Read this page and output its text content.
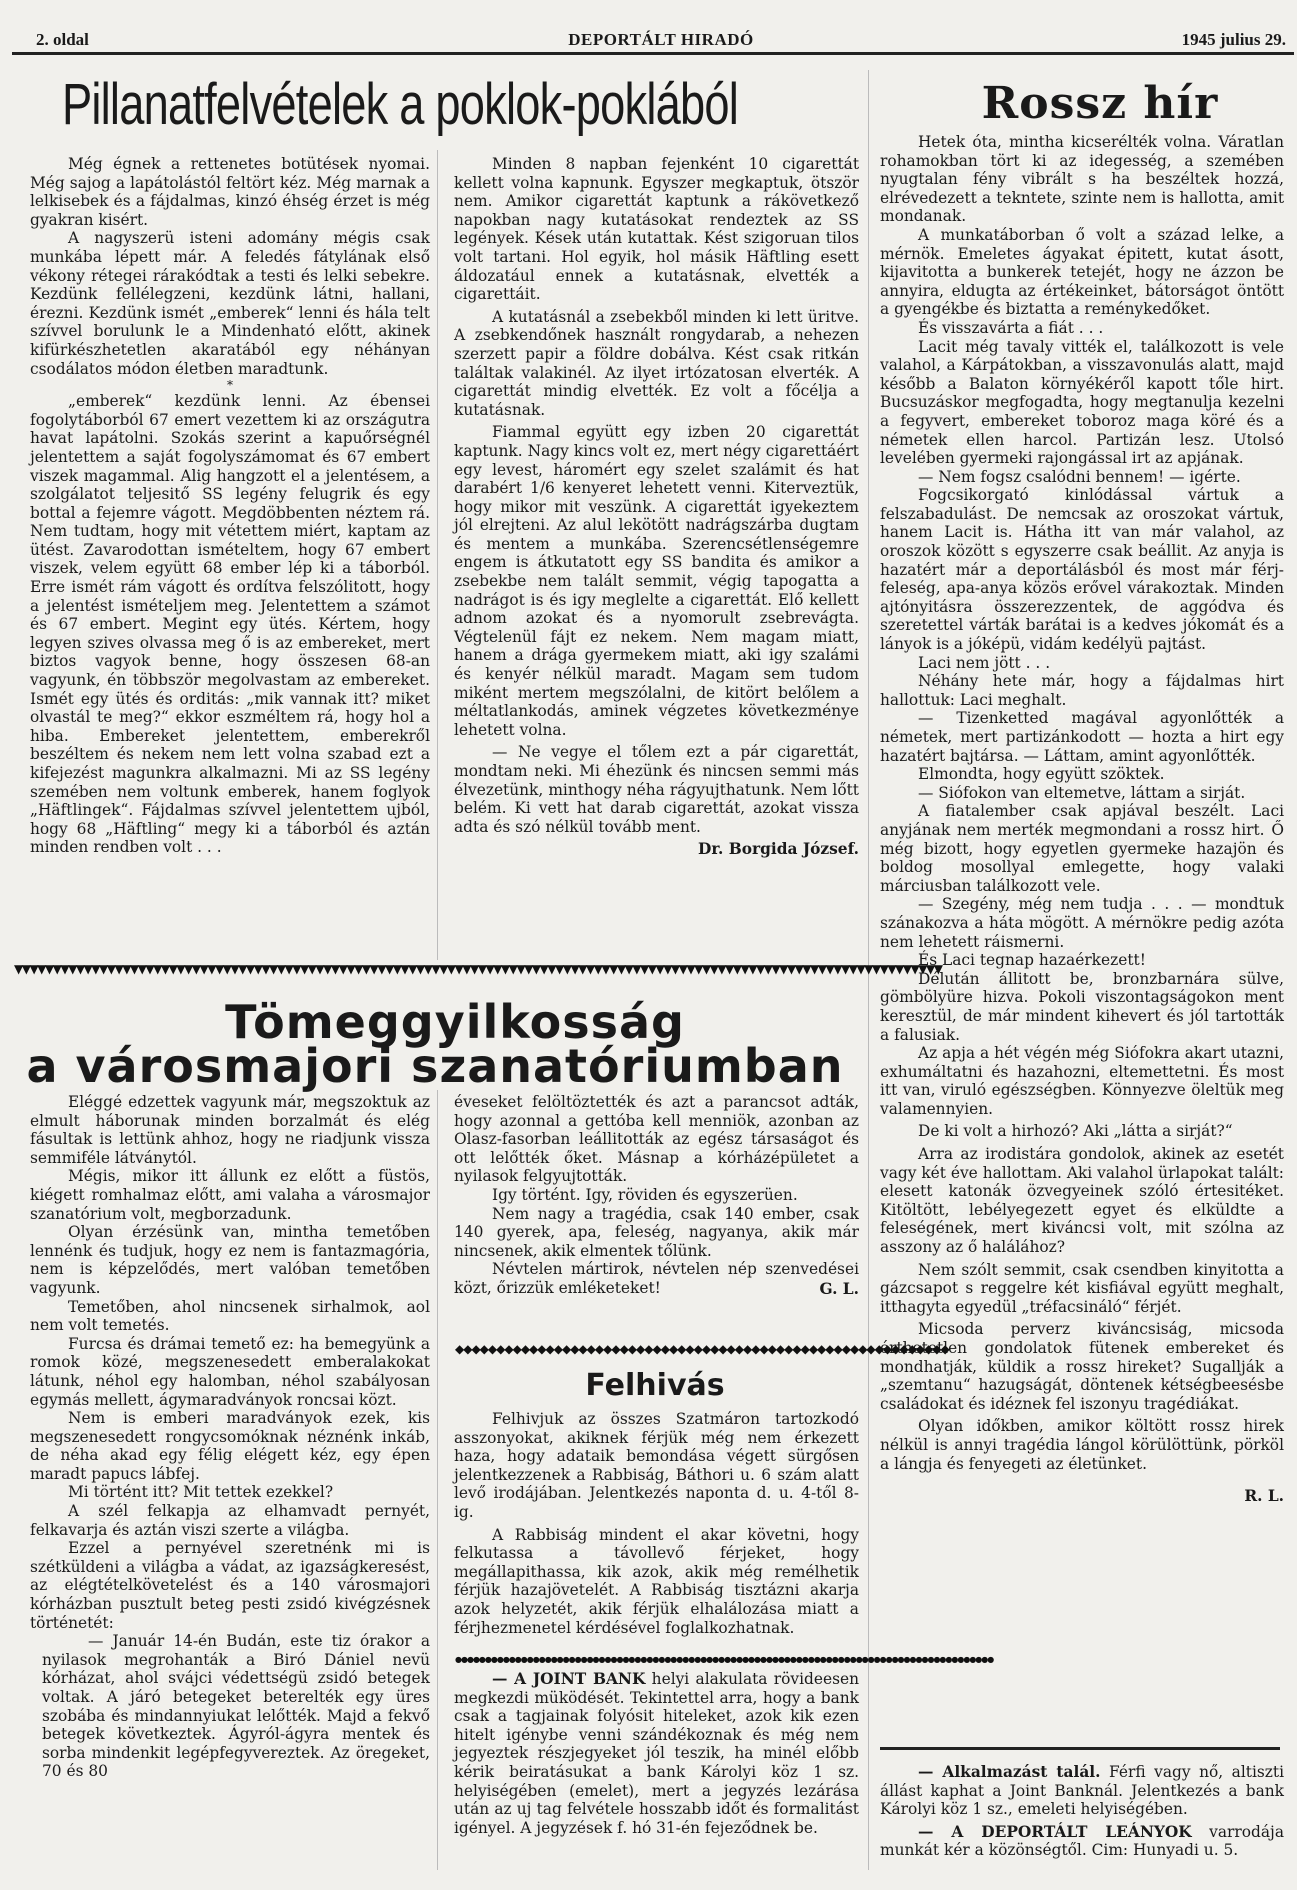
2. oldal	DEPORTÁLT HIRADÓ	1945 julius 29.
Pillanatfelvételek a poklok-poklából

Még égnek a rettenetes botütések nyomai. Még sajog a lapátolástól feltört kéz. Még marnak a lelkisebek és a fájdalmas, kinzó éhség érzet is még gyakran kisért.

A nagyszerü isteni adomány mégis csak munkába lépett már. A feledés fátylának első vékony rétegei rárakódtak a testi és lelki sebekre. Kezdünk fellélegzeni, kezdünk látni, hallani, érezni. Kezdünk ismét „emberek“ lenni és hála telt szívvel borulunk le a Mindenható előtt, akinek kifürkészhetetlen akaratából egy néhányan csodálatos módon életben maradtunk.

*

„emberek“ kezdünk lenni. Az ébensei fogolytáborból 67 emert vezettem ki az országutra havat lapátolni. Szokás szerint a kapuőrségnél jelentettem a saját fogolyszámomat és 67 embert viszek magammal. Alig hangzott el a jelentésem, a szolgálatot teljesitő SS legény felugrik és egy bottal a fejemre vágott. Megdöbbenten néztem rá. Nem tudtam, hogy mit vétettem miért, kaptam az ütést. Zavarodottan ismételtem, hogy 67 embert viszek, velem együtt 68 ember lép ki a táborból. Erre ismét rám vágott és ordítva felszólitott, hogy a jelentést ismételjem meg. Jelentettem a számot és 67 embert. Megint egy ütés. Kértem, hogy legyen szives olvassa meg ő is az embereket, mert biztos vagyok benne, hogy összesen 68-an vagyunk, én többször megolvastam az embereket. Ismét egy ütés és orditás: „mik vannak itt? miket olvastál te meg?“ ekkor eszméltem rá, hogy hol a hiba. Embereket jelentettem, emberekről beszéltem és nekem nem lett volna szabad ezt a kifejezést magunkra alkalmazni. Mi az SS legény szemében nem voltunk emberek, hanem foglyok „Häftlingek“. Fájdalmas szívvel jelentettem ujból, hogy 68 „Häftling“ megy ki a táborból és aztán minden rendben volt . . .

Minden 8 napban fejenként 10 cigarettát kellett volna kapnunk. Egyszer megkaptuk, ötször nem. Amikor cigarettát kaptunk a rákövetkező napokban nagy kutatásokat rendeztek az SS legények. Kések után kutattak. Kést szigoruan tilos volt tartani. Hol egyik, hol másik Häftling esett áldozatául ennek a kutatásnak, elvették a cigarettáit.

A kutatásnál a zsebekből minden ki lett üritve. A zsebkendőnek használt rongydarab, a nehezen szerzett papir a földre dobálva. Kést csak ritkán találtak valakinél. Az ilyet irtózatosan elverték. A cigarettát mindig elvették. Ez volt a főcélja a kutatásnak.

Fiammal együtt egy izben 20 cigarettát kaptunk. Nagy kincs volt ez, mert négy cigarettáért egy levest, háromért egy szelet szalámit és hat darabért 1/6 kenyeret lehetett venni. Kiterveztük, hogy mikor mit veszünk. A cigarettát igyekeztem jól elrejteni. Az alul lekötött nadrágszárba dugtam és mentem a munkába. Szerencsétlenségemre engem is átkutatott egy SS bandita és amikor a zsebekbe nem talált semmit, végig tapogatta a nadrágot is és igy meglelte a cigarettát. Elő kellett adnom azokat és a nyomorult zsebrevágta. Végtelenül fájt ez nekem. Nem magam miatt, hanem a drága gyermekem miatt, aki igy szalámi és kenyér nélkül maradt. Magam sem tudom miként mertem megszólalni, de kitört belőlem a méltatlankodás, aminek végzetes következménye lehetett volna.

— Ne vegye el tőlem ezt a pár cigarettát, mondtam neki. Mi éhezünk és nincsen semmi más élvezetünk, minthogy néha rágyujthatunk. Nem lőtt belém. Ki vett hat darab cigarettát, azokat vissza adta és szó nélkül tovább ment.

Dr. Borgida József.

Rossz hír

Hetek óta, mintha kicserélték volna. Váratlan rohamokban tört ki az idegesség, a szemében nyugtalan fény vibrált s ha beszéltek hozzá, elrévedezett a tekntete, szinte nem is hallotta, amit mondanak.

A munkatáborban ő volt a század lelke, a mérnök. Emeletes ágyakat épitett, kutat ásott, kijavitotta a bunkerek tetejét, hogy ne ázzon be annyira, eldugta az értékeinket, bátorságot öntött a gyengékbe és biztatta a reménykedőket.

És visszavárta a fiát . . .

Lacit még tavaly vitték el, találkozott is vele valahol, a Kárpátokban, a visszavonulás alatt, majd később a Balaton környékéről kapott tőle hirt. Bucsuzáskor megfogadta, hogy megtanulja kezelni a fegyvert, embereket toboroz maga köré és a németek ellen harcol. Partizán lesz. Utolsó levelében gyermeki rajongással irt az apjának.

— Nem fogsz csalódni bennem! — igérte.

Fogcsikorgató kinlódással vártuk a felszabadulást. De nemcsak az oroszokat vártuk, hanem Lacit is. Hátha itt van már valahol, az oroszok között s egyszerre csak beállit. Az anyja is hazatért már a deportálásból és most már férj-feleség, apa-anya közös erővel várakoztak. Minden ajtónyitásra összerezzentek, de aggódva és szeretettel várták barátai is a kedves jókomát és a lányok is a jóképü, vidám kedélyü pajtást.

Laci nem jött . . .

Néhány hete már, hogy a fájdalmas hirt hallottuk: Laci meghalt.

— Tizenketted magával agyonlőtték a németek, mert partizánkodott — hozta a hirt egy hazatért bajtársa. — Láttam, amint agyonlőtték.

Elmondta, hogy együtt szöktek.

— Siófokon van eltemetve, láttam a sirját.

A fiatalember csak apjával beszélt. Laci anyjának nem merték megmondani a rossz hirt. Ő még bizott, hogy egyetlen gyermeke hazajön és boldog mosollyal emlegette, hogy valaki márciusban találkozott vele.

— Szegény, még nem tudja . . . — mondtuk szánakozva a háta mögött. A mérnökre pedig azóta nem lehetett ráismerni.

És Laci tegnap hazaérkezett!

Délután állitott be, bronzbarnára sülve, gömbölyüre hizva. Pokoli viszontagságokon ment keresztül, de már mindent kihevert és jól tartották a falusiak.

Az apja a hét végén még Siófokra akart utazni, exhumáltatni és hazahozni, eltemettetni. És most itt van, viruló egészségben. Könnyezve öleltük meg valamennyien.

De ki volt a hirhozó? Aki „látta a sirját?“

Arra az irodistára gondolok, akinek az esetét vagy két éve hallottam. Aki valahol ürlapokat talált: elesett katonák özvegyeinek szóló értesitéket. Kitöltött, lebélyegezett egyet és elküldte a feleségének, mert kiváncsi volt, mit szólna az asszony az ő halálához?

Nem szólt semmit, csak csendben kinyitotta a gázcsapot s reggelre két kisfiával együtt meghalt, itthagyta egyedül „tréfacsináló“ férjét.

Micsoda perverz kiváncsiság, micsoda érthetetlen gondolatok fütenek embereket és mondhatják, küldik a rossz hireket? Sugallják a „szemtanu“ hazugságát, döntenek kétségbeesésbe családokat és idéznek fel iszonyu tragédiákat.

Olyan időkben, amikor költött rossz hirek nélkül is annyi tragédia lángol körülöttünk, pörköl a lángja és fenyegeti az életünket.

R. L.

▼▼▼▼▼▼▼▼▼▼▼▼▼▼▼▼▼▼▼▼▼▼▼▼▼▼▼▼▼▼▼▼▼▼▼▼▼▼▼▼▼▼▼▼▼▼▼▼▼▼▼▼▼▼▼▼▼▼▼▼▼▼▼▼▼▼▼▼▼▼▼▼▼▼▼▼▼▼▼▼▼▼▼▼▼▼▼▼▼▼▼▼▼▼▼▼▼▼▼▼▼▼▼▼▼▼▼▼▼▼▼▼▼▼▼▼▼▼▼▼
Tömeggyilkosság
a városmajori szanatóriumban

Eléggé edzettek vagyunk már, megszoktuk az elmult háborunak minden borzalmát és elég fásultak is lettünk ahhoz, hogy ne riadjunk vissza semmiféle látványtól.

Mégis, mikor itt állunk ez előtt a füstös, kiégett romhalmaz előtt, ami valaha a városmajor szanatórium volt, megborzadunk.

Olyan érzésünk van, mintha temetőben lennénk és tudjuk, hogy ez nem is fantazmagória, nem is képzelődés, mert valóban temetőben vagyunk.

Temetőben, ahol nincsenek sirhalmok, aol nem volt temetés.

Furcsa és drámai temető ez: ha bemegyünk a romok közé, megszenesedett emberalakokat látunk, néhol egy halomban, néhol szabályosan egymás mellett, ágymaradványok roncsai közt.

Nem is emberi maradványok ezek, kis megszenesedett rongycsomóknak néznénk inkáb, de néha akad egy félig elégett kéz, egy épen maradt papucs lábfej.

Mi történt itt? Mit tettek ezekkel?

A szél felkapja az elhamvadt pernyét, felkavarja és aztán viszi szerte a világba.

Ezzel a pernyével szeretnénk mi is szétküldeni a világba a vádat, az igazságkeresést, az elégtételkövetelést és a 140 városmajori kórházban pusztult beteg pesti zsidó kivégzésnek történetét:

— Január 14-én Budán, este tiz órakor a nyilasok megrohanták a Biró Dániel nevü kórházat, ahol svájci védettségü zsidó betegek voltak. A járó betegeket beterelték egy üres szobába és mindannyiukat lelőtték. Majd a fekvő betegek következtek. Ágyról-ágyra mentek és sorba mindenkit legépfegyvereztek. Az öregeket, 70 és 80

éveseket felöltöztették és azt a parancsot adták, hogy azonnal a gettóba kell menniök, azonban az Olasz-fasorban leállitották az egész társaságot és ott lelőtték őket. Másnap a kórházépületet a nyilasok felgyujtották.

Igy történt. Igy, röviden és egyszerüen.

Nem nagy a tragédia, csak 140 ember, csak 140 gyerek, apa, feleség, nagyanya, akik már nincsenek, akik elmentek tőlünk.

Névtelen mártirok, névtelen nép szenvedései közt, őrizzük emléketeket!	G. L.

◆◆◆◆◆◆◆◆◆◆◆◆◆◆◆◆◆◆◆◆◆◆◆◆◆◆◆◆◆◆◆◆◆◆◆◆◆◆◆◆◆◆◆◆◆◆◆◆◆◆◆◆◆◆◆◆◆◆◆◆
Felhivás

Felhivjuk az összes Szatmáron tartozkodó asszonyokat, akiknek férjük még nem érkezett haza, hogy adataik bemondása végett sürgősen jelentkezzenek a Rabbiság, Báthori u. 6 szám alatt levő irodájában. Jelentkezés naponta d. u. 4-től 8-ig.

A Rabbiság mindent el akar követni, hogy felkutassa a távollevő férjeket, hogy megállapithassa, kik azok, akik még remélhetik férjük hazajövetelét. A Rabbiság tisztázni akarja azok helyzetét, akik férjük elhalálozása miatt a férjhezmenetel kérdésével foglalkozhatnak.

●●●●●●●●●●●●●●●●●●●●●●●●●●●●●●●●●●●●●●●●●●●●●●●●●●●●●●●●●●●●●●●●●●●●●●●●●●●●●●●●●●●●●●●●●●

— A JOINT BANK helyi alakulata rövideesen megkezdi müködését. Tekintettel arra, hogy a bank csak a tagjainak folyósit hiteleket, azok kik ezen hitelt igénybe venni szándékoznak és még nem jegyeztek részjegyeket jól teszik, ha minél előbb kérik beiratásukat a bank Károlyi köz 1 sz. helyiségében (emelet), mert a jegyzés lezárása után az uj tag felvétele hosszabb időt és formalitást igényel. A jegyzések f. hó 31-én fejeződnek be.

— Alkalmazást talál. Férfi vagy nő, altiszti állást kaphat a Joint Banknál. Jelentkezés a bank Károlyi köz 1 sz., emeleti helyiségében.

— A DEPORTÁLT LEÁNYOK varrodája munkát kér a közönségtől. Cim: Hunyadi u. 5.
